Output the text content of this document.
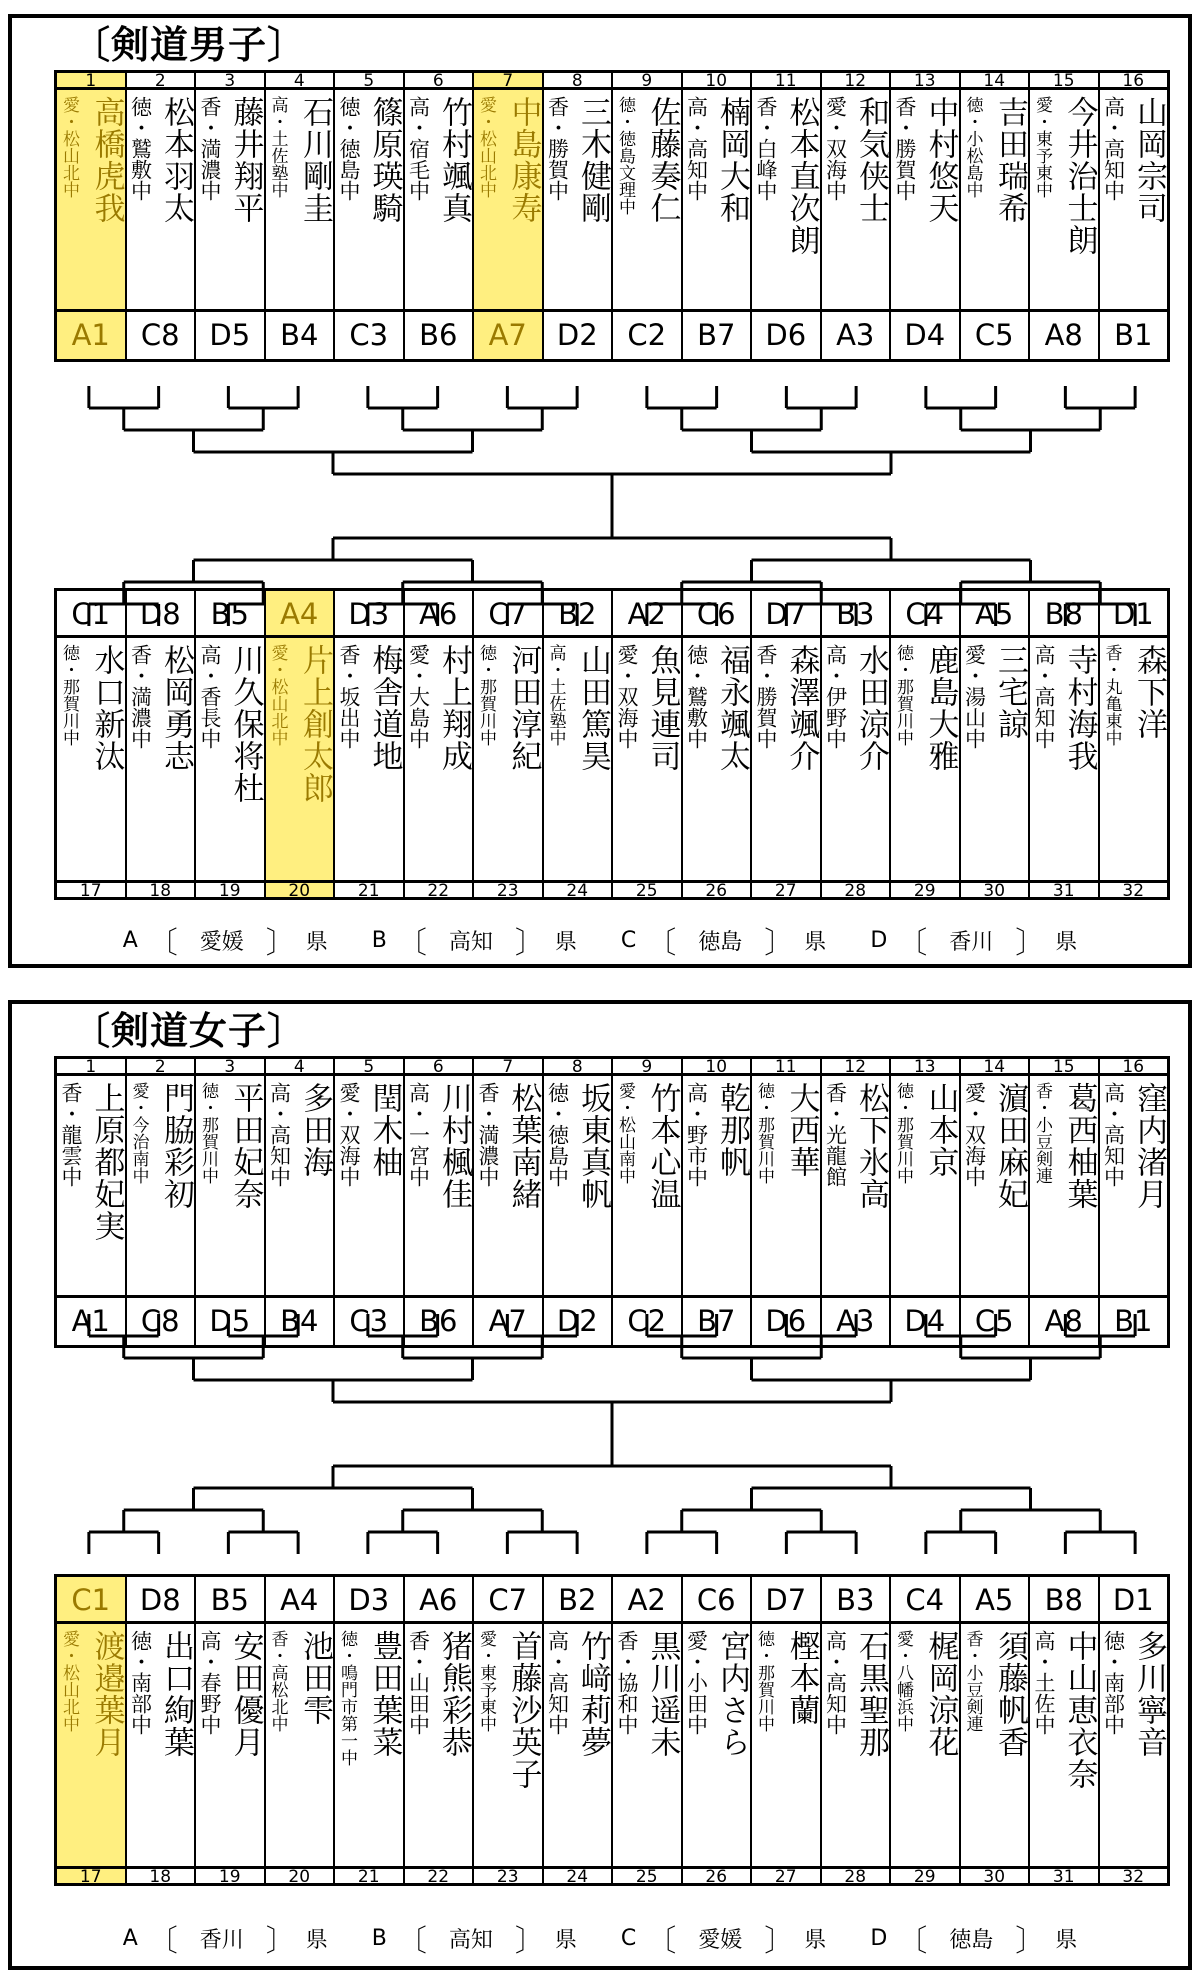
〔剣道男子〕
1	2	3	4	5	6	7	8	9	10	11	12	13	14	15	16
愛・松山北中 高橋虎我 徳・鷲敷中 松本羽太 香・満濃中 藤井翔平 高・土佐塾中 石川剛圭 徳・徳島中 篠原瑛騎 高・宿毛中 竹村颯真 愛・松山北中 中島康寿 香・勝賀中 三木健剛 徳・徳島文理中 佐藤奏仁 高・高知中 楠岡大和 香・白峰中 松本直次朗 愛・双海中 和気侠士 香・勝賀中 中村悠天 徳・小松島中 吉田瑞希 愛・東予東中 今井治士朗 高・高知中 山岡宗司
A1	C8	D5	B4	C3	B6	A7	D2	C2	B7	D6	A3	D4	C5	A8	B1
C1	D8	B5	A4	D3	A6	C7	B2	A2	C6	D7	B3	C4	A5	B8	D1
徳・那賀川中 水口新汰 香・満濃中 松岡勇志 高・香長中 川久保将杜 愛・松山北中 片上創太郎 香・坂出中 梅舎道地 愛・大島中 村上翔成 徳・那賀川中 河田淳紀 高・土佐塾中 山田篤昊 愛・双海中 魚見連司 徳・鷲敷中 福永颯太 香・勝賀中 森澤颯介 高・伊野中 水田涼介 徳・那賀川中 鹿島大雅 愛・湯山中 三宅諒 高・高知中 寺村海我 香・丸亀東中 森下洋
17	18	19	20	21	22	23	24	25	26	27	28	29	30	31	32
A 〔	愛媛 〕 県 B 〔	高知 〕 県 C 〔	徳島 〕 県 D 〔	香川 〕 県
〔剣道女子〕
1	2	3	4	5	6	7	8	9	10	11	12	13	14	15	16
香・龍雲中 上原都妃実 愛・今治南中 門脇彩初 徳・那賀川中 平田妃奈 高・高知中 多田海 愛・双海中 閏木柚 高・一宮中 川村楓佳 香・満濃中 松葉南緒 徳・徳島中 坂東真帆 愛・松山南中 竹本心温 高・野市中 乾那帆 徳・那賀川中 大西華 香・光龍館 松下氷高 徳・那賀川中 山本京 愛・双海中 濵田麻妃 香・小豆剣連 葛西柚葉 高・高知中 窪内渚月
A1	C8	D5	B4	C3	B6	A7	D2	C2	B7	D6	A3	D4	C5	A8	B1
C1	D8	B5	A4	D3	A6	C7	B2	A2	C6	D7	B3	C4	A5	B8	D1
愛・松山北中 渡邉葉月 徳・南部中 出口絢葉 高・春野中 安田優月 香・高松北中 池田雫 徳・鳴門市第一中 豊田葉菜 香・山田中 猪熊彩恭 愛・東予東中 首藤沙英子 高・高知中 竹﨑莉夢 香・協和中 黒川遥未 愛・小田中 宮内さら 徳・那賀川中 樫本蘭 高・高知中 石黒聖那 愛・八幡浜中 梶岡涼花 香・小豆剣連 須藤帆香 高・土佐中 中山恵衣奈 徳・南部中 多川寧音
17	18	19	20	21	22	23	24	25	26	27	28	29	30	31	32
A 〔	香川 〕 県 B 〔	高知 〕 県 C 〔	愛媛 〕 県 D 〔	徳島 〕 県
